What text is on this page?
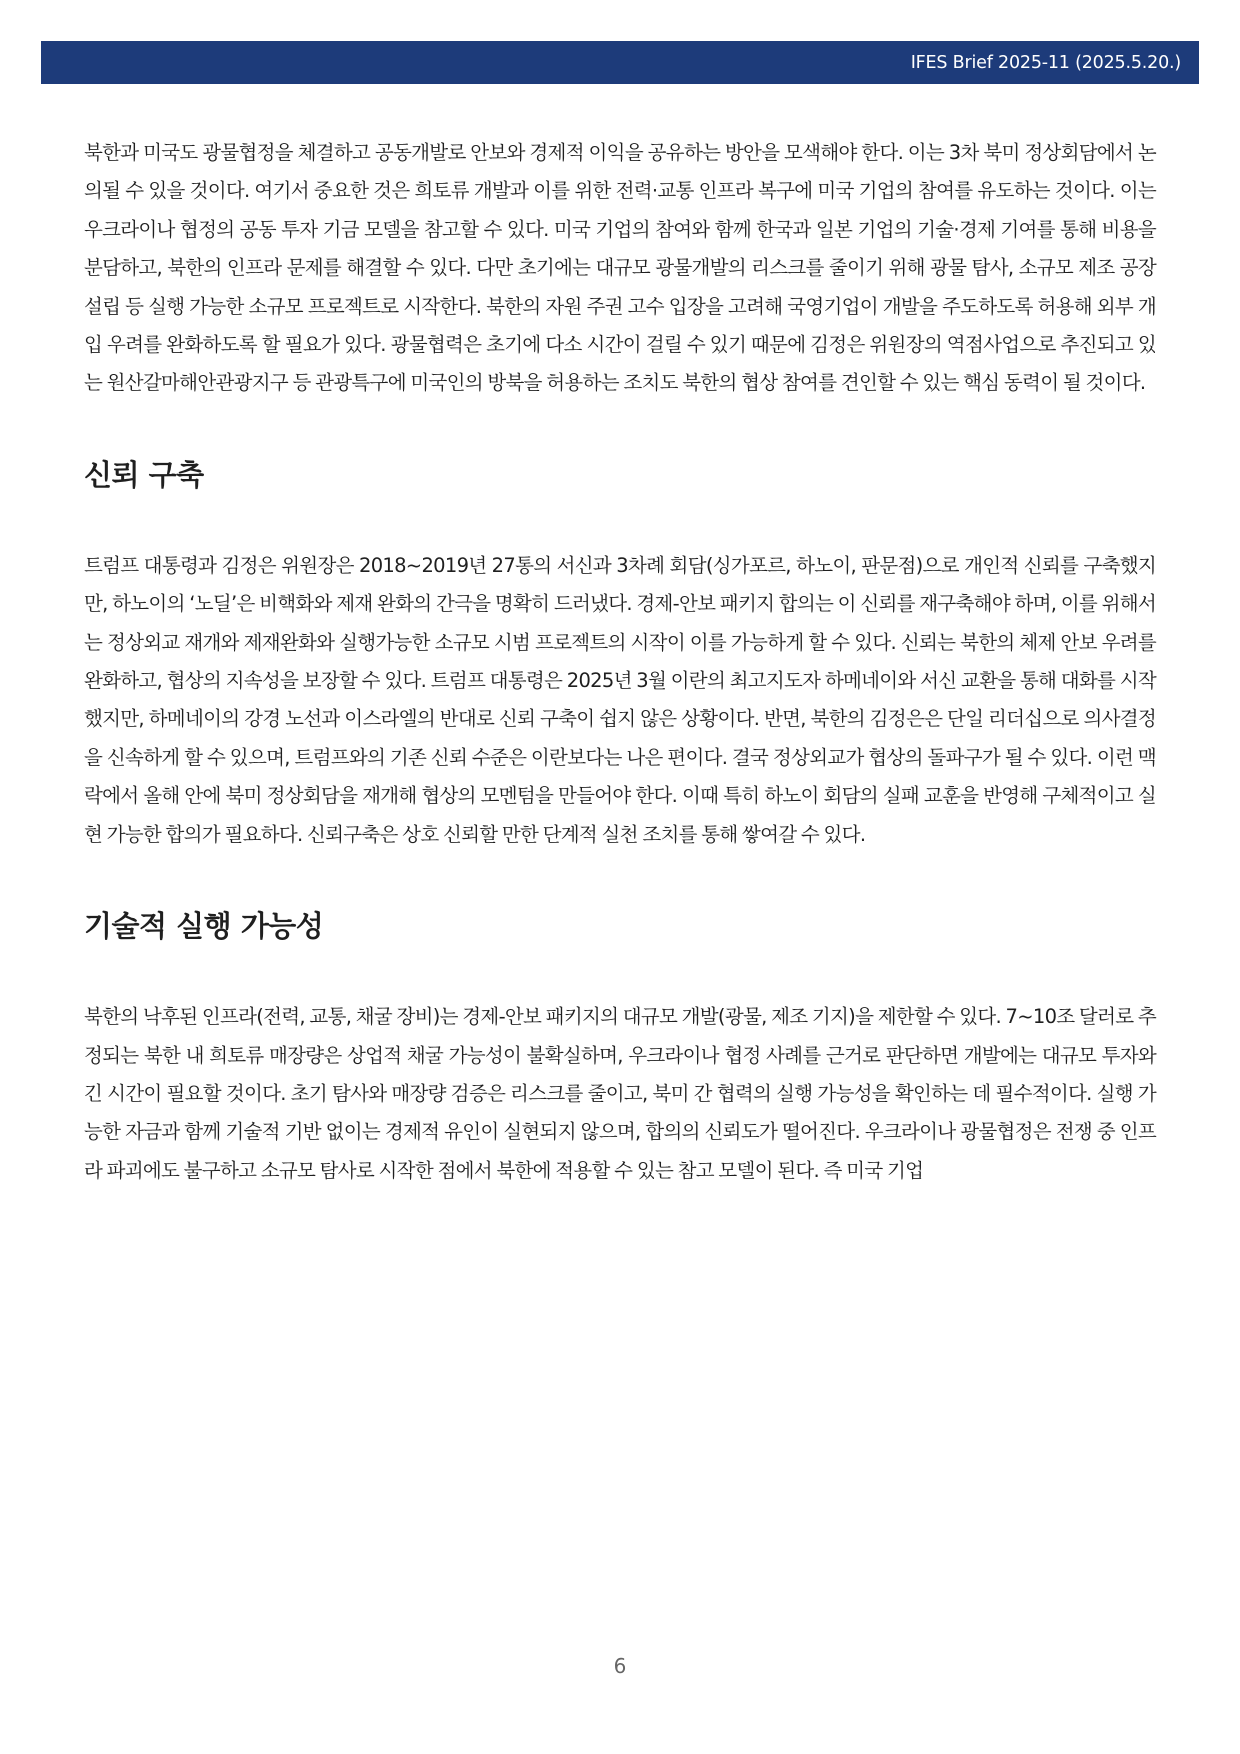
IFES Brief 2025-11 (2025.5.20.)

북한과 미국도 광물협정을 체결하고 공동개발로 안보와 경제적 이익을 공유하는 방안을 모색해야 한다. 이는 3차 북미 정상회담에서 논의될 수 있을 것이다. 여기서 중요한 것은 희토류 개발과 이를 위한 전력·교통 인프라 복구에 미국 기업의 참여를 유도하는 것이다. 이는 우크라이나 협정의 공동 투자 기금 모델을 참고할 수 있다. 미국 기업의 참여와 함께 한국과 일본 기업의 기술·경제 기여를 통해 비용을 분담하고, 북한의 인프라 문제를 해결할 수 있다. 다만 초기에는 대규모 광물개발의 리스크를 줄이기 위해 광물 탐사, 소규모 제조 공장 설립 등 실행 가능한 소규모 프로젝트로 시작한다. 북한의 자원 주권 고수 입장을 고려해 국영기업이 개발을 주도하도록 허용해 외부 개입 우려를 완화하도록 할 필요가 있다. 광물협력은 초기에 다소 시간이 걸릴 수 있기 때문에 김정은 위원장의 역점사업으로 추진되고 있는 원산갈마해안관광지구 등 관광특구에 미국인의 방북을 허용하는 조치도 북한의 협상 참여를 견인할 수 있는 핵심 동력이 될 것이다.

신뢰 구축

트럼프 대통령과 김정은 위원장은 2018~2019년 27통의 서신과 3차례 회담(싱가포르, 하노이, 판문점)으로 개인적 신뢰를 구축했지만, 하노이의 ‘노딜’은 비핵화와 제재 완화의 간극을 명확히 드러냈다. 경제-안보 패키지 합의는 이 신뢰를 재구축해야 하며, 이를 위해서는 정상외교 재개와 제재완화와 실행가능한 소규모 시범 프로젝트의 시작이 이를 가능하게 할 수 있다. 신뢰는 북한의 체제 안보 우려를 완화하고, 협상의 지속성을 보장할 수 있다. 트럼프 대통령은 2025년 3월 이란의 최고지도자 하메네이와 서신 교환을 통해 대화를 시작했지만, 하메네이의 강경 노선과 이스라엘의 반대로 신뢰 구축이 쉽지 않은 상황이다. 반면, 북한의 김정은은 단일 리더십으로 의사결정을 신속하게 할 수 있으며, 트럼프와의 기존 신뢰 수준은 이란보다는 나은 편이다. 결국 정상외교가 협상의 돌파구가 될 수 있다. 이런 맥락에서 올해 안에 북미 정상회담을 재개해 협상의 모멘텀을 만들어야 한다. 이때 특히 하노이 회담의 실패 교훈을 반영해 구체적이고 실현 가능한 합의가 필요하다. 신뢰구축은 상호 신뢰할 만한 단계적 실천 조치를 통해 쌓여갈 수 있다.

기술적 실행 가능성

북한의 낙후된 인프라(전력, 교통, 채굴 장비)는 경제-안보 패키지의 대규모 개발(광물, 제조 기지)을 제한할 수 있다. 7~10조 달러로 추정되는 북한 내 희토류 매장량은 상업적 채굴 가능성이 불확실하며, 우크라이나 협정 사례를 근거로 판단하면 개발에는 대규모 투자와 긴 시간이 필요할 것이다. 초기 탐사와 매장량 검증은 리스크를 줄이고, 북미 간 협력의 실행 가능성을 확인하는 데 필수적이다. 실행 가능한 자금과 함께 기술적 기반 없이는 경제적 유인이 실현되지 않으며, 합의의 신뢰도가 떨어진다. 우크라이나 광물협정은 전쟁 중 인프라 파괴에도 불구하고 소규모 탐사로 시작한 점에서 북한에 적용할 수 있는 참고 모델이 된다. 즉 미국 기업

6
